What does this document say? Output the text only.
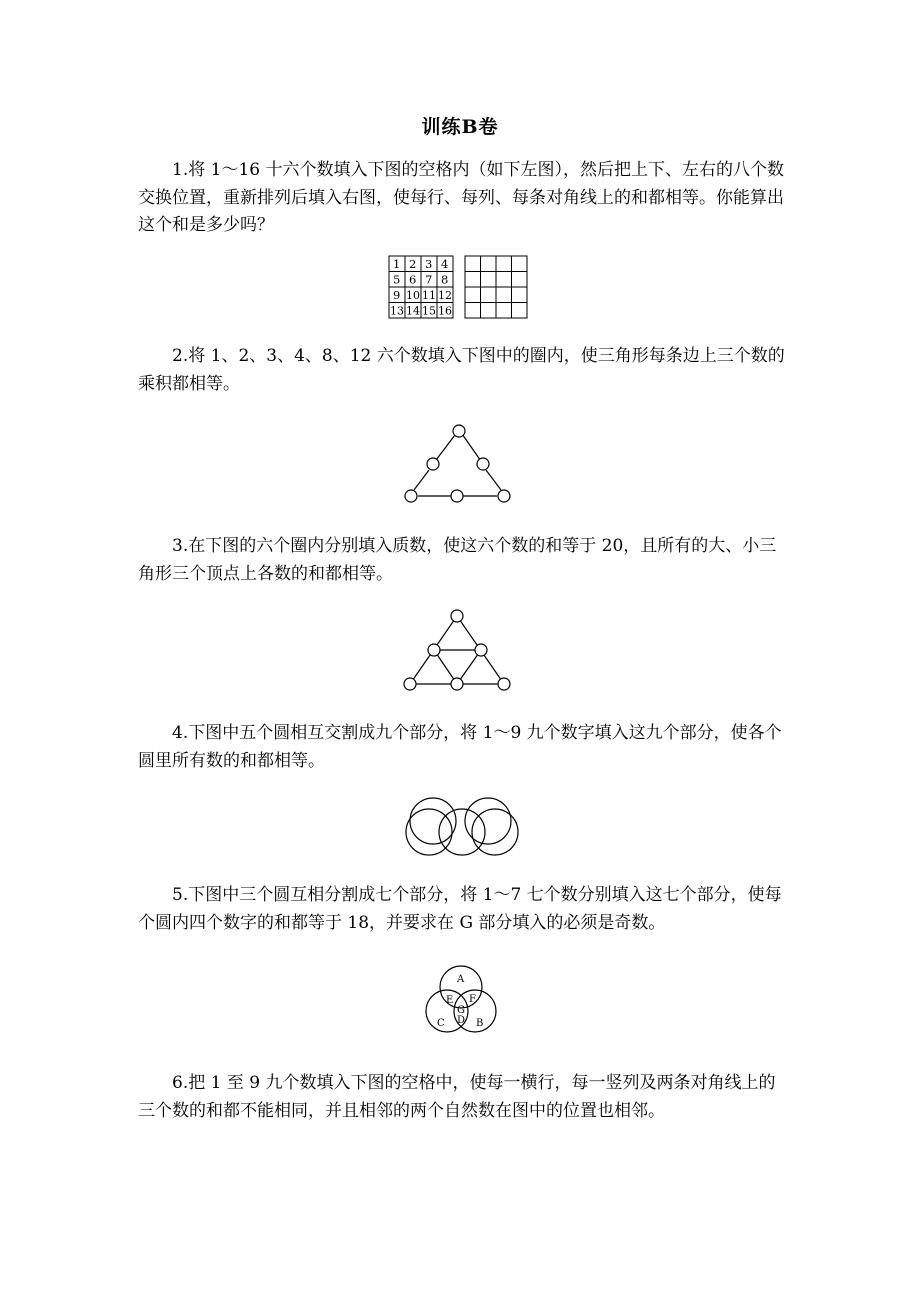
训练B卷
1.将 1～16 十六个数填入下图的空格内（如下左图），然后把上下、左右的八个数交换位置，重新排列后填入右图，使每行、每列、每条对角线上的和都相等。你能算出这个和是多少吗？
1 2 3 4
5 6 7 8
9 10 11 12
13 14 15 16
2.将 1、2、3、4、8、12 六个数填入下图中的圈内，使三角形每条边上三个数的乘积都相等。
3.在下图的六个圈内分别填入质数，使这六个数的和等于 20，且所有的大、小三角形三个顶点上各数的和都相等。
4.下图中五个圆相互交割成九个部分，将 1～9 九个数字填入这九个部分，使各个圆里所有数的和都相等。
5.下图中三个圆互相分割成七个部分，将 1～7 七个数分别填入这七个部分，使每个圆内四个数字的和都等于 18，并要求在 G 部分填入的必须是奇数。
A
B
C D
E F
G
6.把 1 至 9 九个数填入下图的空格中，使每一横行，每一竖列及两条对角线上的三个数的和都不能相同，并且相邻的两个自然数在图中的位置也相邻。
